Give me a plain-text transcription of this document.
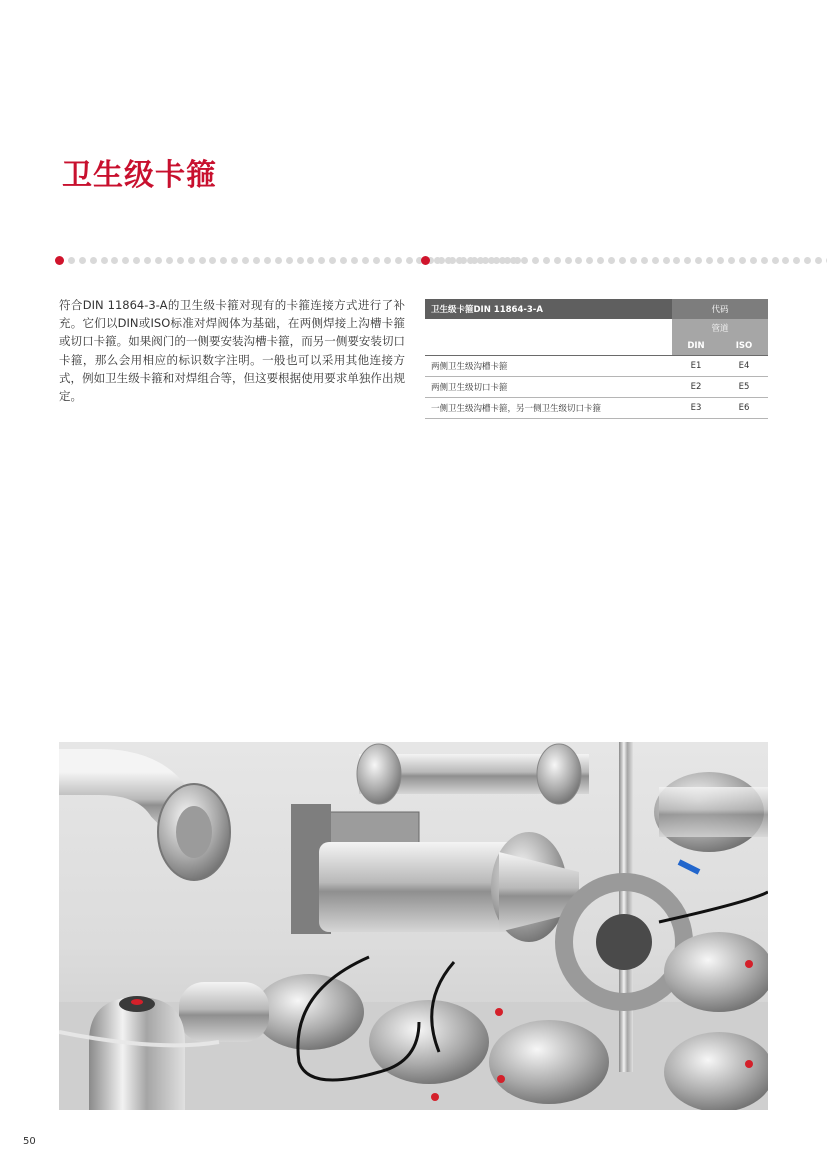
卫生级卡箍

符合DIN 11864-3-A的卫生级卡箍对现有的卡箍连接方式进行了补充。它们以DIN或ISO标准对焊阀体为基础，在两侧焊接上沟槽卡箍或切口卡箍。如果阀门的一侧要安装沟槽卡箍，而另一侧要安装切口卡箍，那么会用相应的标识数字注明。一般也可以采用其他连接方式，例如卫生级卡箍和对焊组合等，但这要根据使用要求单独作出规定。

卫生级卡箍DIN 11864-3-A	代码	
	管道	
	DIN	ISO
两侧卫生级沟槽卡箍	E1	E4
两侧卫生级切口卡箍	E2	E5
一侧卫生级沟槽卡箍，另一侧卫生级切口卡箍	E3	E6
50
